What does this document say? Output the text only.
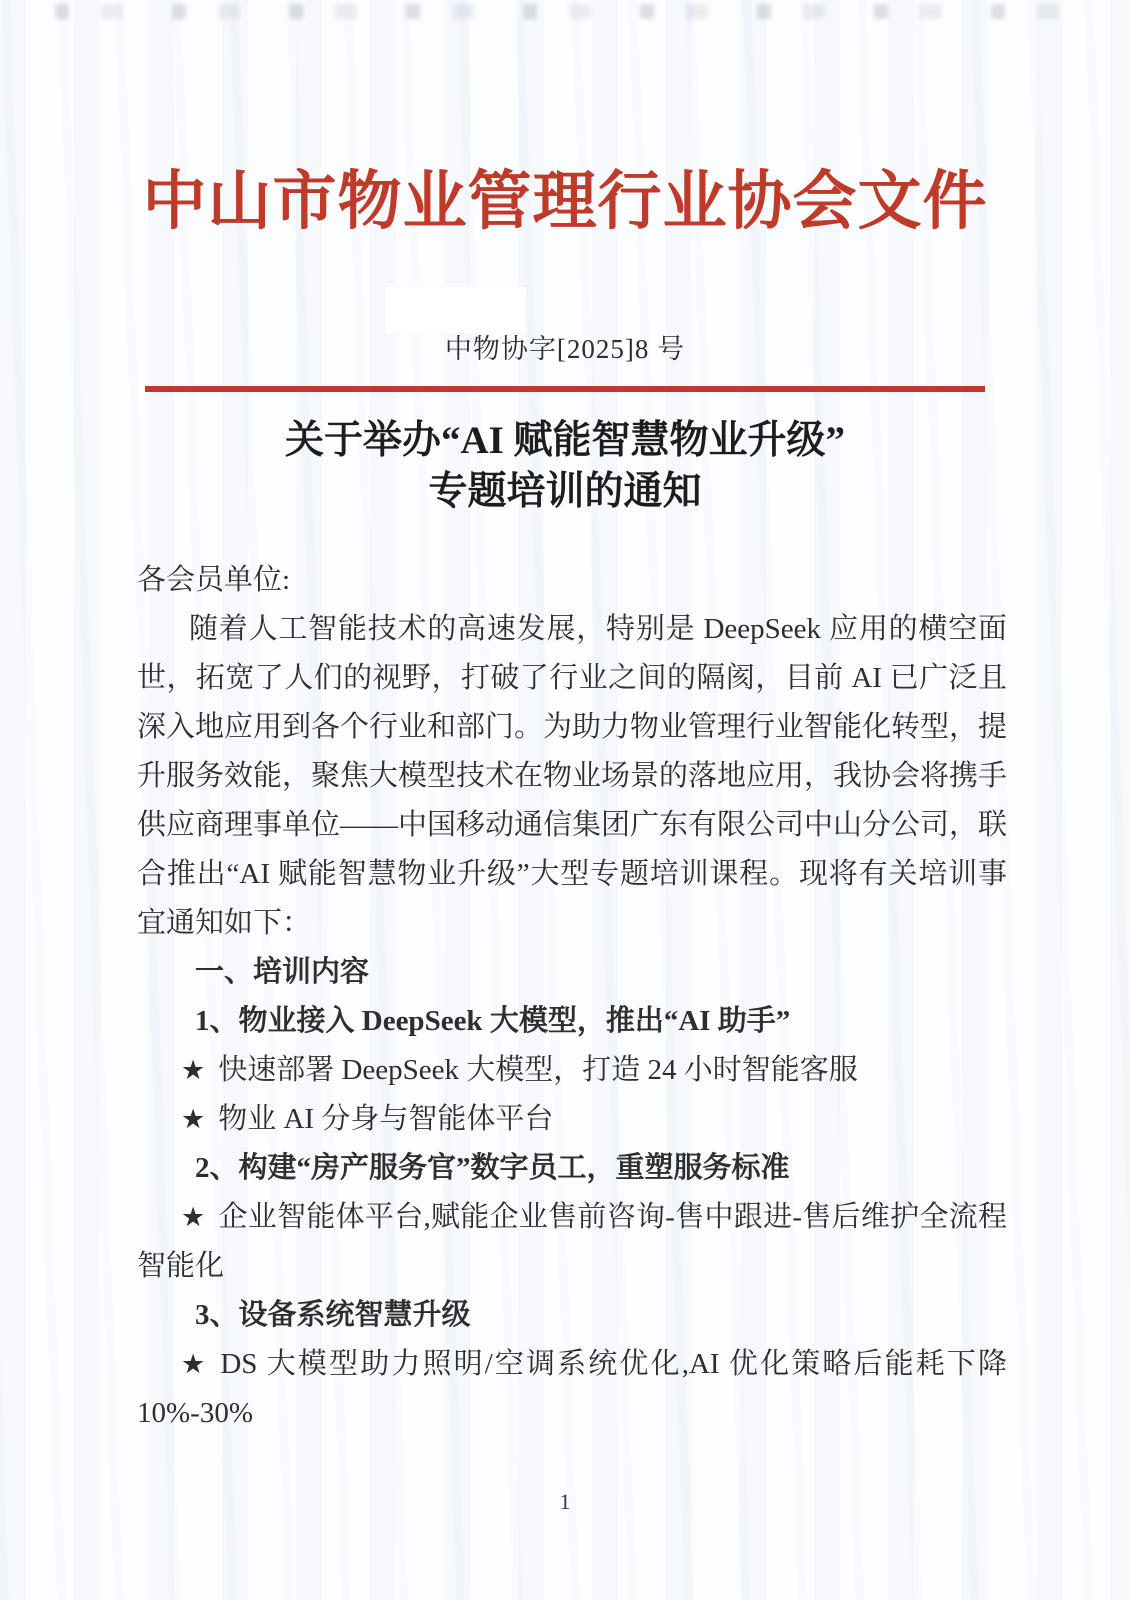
中山市物业管理行业协会文件
中物协字[2025]8 号
关于举办“AI 赋能智慧物业升级”
专题培训的通知

各会员单位:

随着人工智能技术的高速发展，特别是 DeepSeek 应用的横空面世，拓宽了人们的视野，打破了行业之间的隔阂，目前 AI 已广泛且深入地应用到各个行业和部门。为助力物业管理行业智能化转型，提升服务效能，聚焦大模型技术在物业场景的落地应用，我协会将携手供应商理事单位——中国移动通信集团广东有限公司中山分公司，联合推出“AI 赋能智慧物业升级”大型专题培训课程。现将有关培训事宜通知如下：

一、培训内容

1、物业接入 DeepSeek 大模型，推出“AI 助手”

★ 快速部署 DeepSeek 大模型，打造 24 小时智能客服

★ 物业 AI 分身与智能体平台

2、构建“房产服务官”数字员工，重塑服务标准

★ 企业智能体平台,赋能企业售前咨询-售中跟进-售后维护全流程智能化

3、设备系统智慧升级

★ DS 大模型助力照明/空调系统优化,AI 优化策略后能耗下降 10%-30%

1
